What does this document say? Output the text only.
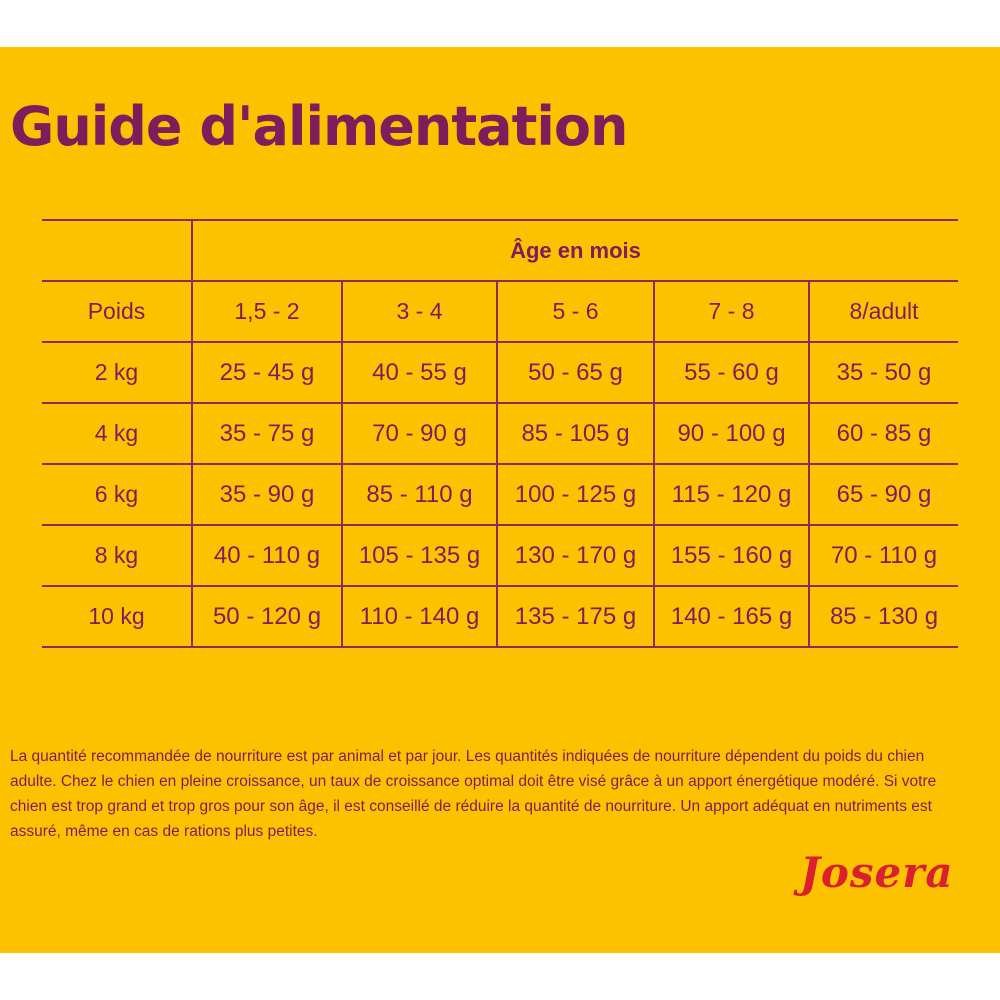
Guide d'alimentation
	Âge en mois				
Poids	1,5 - 2	3 - 4	5 - 6	7 - 8	8/adult
2 kg	25 - 45 g	40 - 55 g	50 - 65 g	55 - 60 g	35 - 50 g
4 kg	35 - 75 g	70 - 90 g	85 - 105 g	90 - 100 g	60 - 85 g
6 kg	35 - 90 g	85 - 110 g	100 - 125 g	115 - 120 g	65 - 90 g
8 kg	40 - 110 g	105 - 135 g	130 - 170 g	155 - 160 g	70 - 110 g
10 kg	50 - 120 g	110 - 140 g	135 - 175 g	140 - 165 g	85 - 130 g

La quantité recommandée de nourriture est par animal et par jour. Les quantités indiquées de nourriture dépendent du poids du chien adulte. Chez le chien en pleine croissance, un taux de croissance optimal doit être visé grâce à un apport énergétique modéré. Si votre chien est trop grand et trop gros pour son âge, il est conseillé de réduire la quantité de nourriture. Un apport adéquat en nutriments est assuré, même en cas de rations plus petites.

Josera
